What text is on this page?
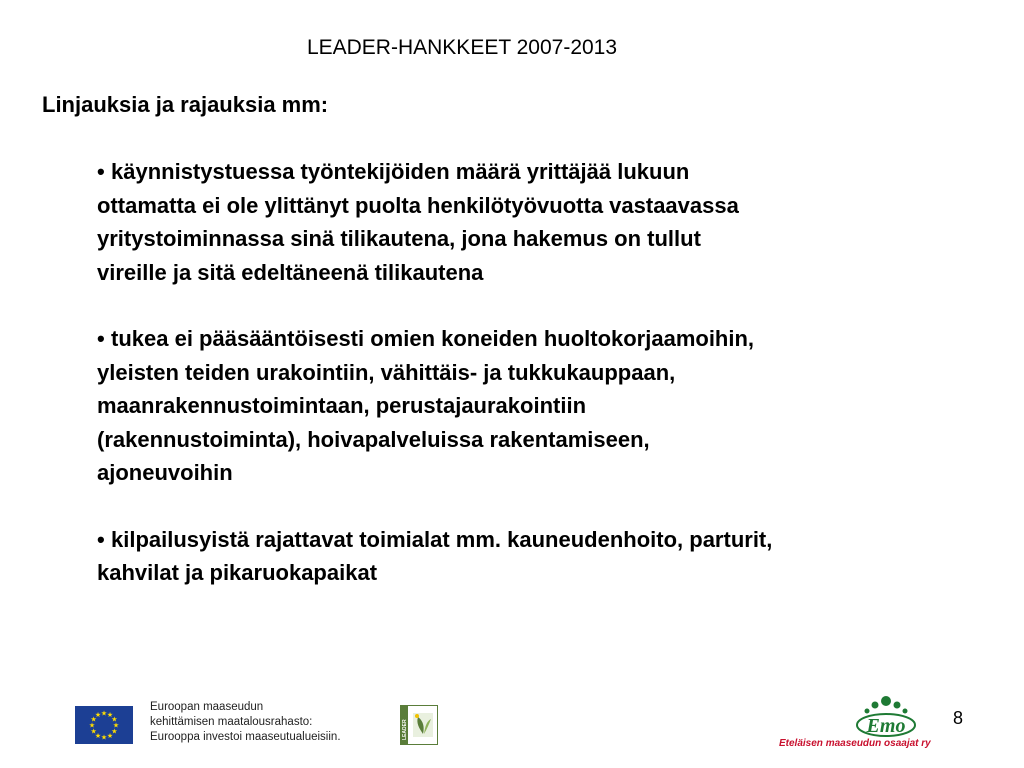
LEADER-HANKKEET 2007-2013
Linjauksia ja rajauksia mm:
• käynnistystuessa työntekijöiden määrä yrittäjää lukuun
ottamatta ei ole ylittänyt puolta henkilötyövuotta vastaavassa
yritystoiminnassa sinä tilikautena, jona hakemus on tullut
vireille ja sitä edeltäneenä tilikautena
• tukea ei pääsääntöisesti omien koneiden huoltokorjaamoihin,
yleisten teiden urakointiin, vähittäis- ja tukkukauppaan,
maanrakennustoimintaan, perustajaurakointiin
(rakennustoiminta), hoivapalveluissa rakentamiseen,
ajoneuvoihin
• kilpailusyistä rajattavat toimialat mm. kauneudenhoito, parturit,
kahvilat ja pikaruokapaikat
★
★
★
★
★
★
★
★
★ ★ ★
★
Euroopan maaseudun
kehittämisen maatalousrahasto:
Eurooppa investoi maaseutualueisiin.	LEADER	Emo
Eteläisen maaseudun osaajat ry
8
